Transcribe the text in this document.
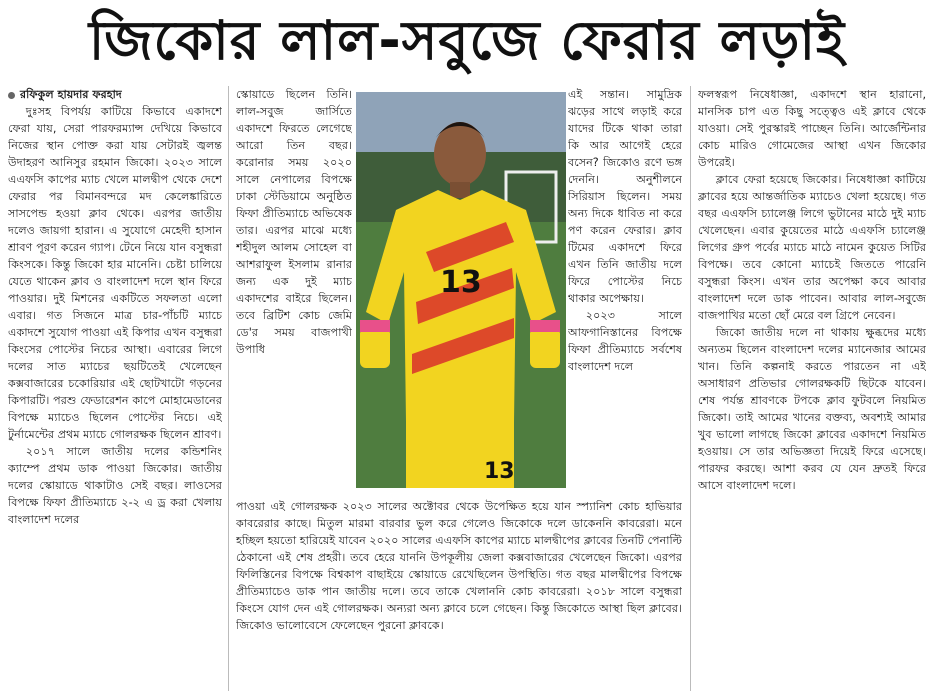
জিকোর লাল-সবুজে ফেরার লড়াই

রফিকুল হায়দার ফরহাদ

দুঃসহ বিপর্যয় কাটিয়ে কিভাবে একাদশে ফেরা যায়, সেরা পারফরম্যান্স দেখিয়ে কিভাবে নিজের স্থান পোক্ত করা যায় সেটারই জ্বলন্ত উদাহরণ আনিসুর রহমান জিকো। ২০২৩ সালে এএফসি কাপের ম্যাচ খেলে মালদ্বীপ থেকে দেশে ফেরার পর বিমানবন্দরে মদ কেলেঙ্কারিতে সাসপেন্ড হওয়া ক্লাব থেকে। এরপর জাতীয় দলেও জায়গা হারান। এ সুযোগে মেহেদী হাসান শ্রাবণ পূরণ করেন গ্যাপ। টেনে নিয়ে যান বসুন্ধরা কিংসকে। কিন্তু জিকো হার মানেনি। চেষ্টা চালিয়ে যেতে থাকেন ক্লাব ও বাংলাদেশ দলে স্থান ফিরে পাওয়ার। দুই মিশনের একটিতে সফলতা এলো এবার। গত সিজনে মাত্র চার-পাঁচটি ম্যাচে একাদশে সুযোগ পাওয়া এই কিপার এখন বসুন্ধরা কিংসের পোস্টের নিচের আস্থা। এবারের লিগে দলের সাত ম্যাচের ছয়টিতেই খেলেছেন কক্সবাজারের চকোরিয়ার এই ছোটখাটো গড়নের কিপারটি। পরশু ফেডারেশন কাপে মোহামেডানের বিপক্ষে ম্যাচেও ছিলেন পোস্টের নিচে। এই টুর্নামেন্টের প্রথম ম্যাচে গোলরক্ষক ছিলেন শ্রাবণ।

২০১৭ সালে জাতীয় দলের কন্ডিশনিং ক্যাম্পে প্রথম ডাক পাওয়া জিকোর। জাতীয় দলের স্কোয়াডে থাকাটাও সেই বছর। লাওসের বিপক্ষে ফিফা প্রীতিম্যাচে ২-২ এ ড্র করা খেলায় বাংলাদেশ দলের

স্কোয়াডে ছিলেন তিনি। লাল-সবুজ জার্সিতে একাদশে ফিরতে লেগেছে আরো তিন বছর। করোনার সময় ২০২০ সালে নেপালের বিপক্ষে ঢাকা স্টেডিয়ামে অনুষ্ঠিত ফিফা প্রীতিম্যাচে অভিষেক তার। এরপর মাঝে মধ্যে শহীদুল আলম সোহেল বা আশরাফুল ইসলাম রানার জন্য এক দুই ম্যাচ একাদশের বাইরে ছিলেন। তবে ব্রিটিশ কোচ জেমি ডে'র সময় বাজপাখী উপাধি

13
13

এই সন্তান। সামুদ্রিক ঝড়ের সাথে লড়াই করে যাদের টিকে থাকা তারা কি আর আগেই হেরে বসেন? জিকোও রণে ভঙ্গ দেননি। অনুশীলনে সিরিয়াস ছিলেন। সময় অন্য দিকে ধাবিত না করে পণ করেন ফেরার। ক্লাব টিমের একাদশে ফিরে এখন তিনি জাতীয় দলে ফিরে পোস্টের নিচে থাকার অপেক্ষায়।

২০২৩ সালে আফগানিস্তানের বিপক্ষে ফিফা প্রীতিম্যাচে সর্বশেষ বাংলাদেশ দলে

পাওয়া এই গোলরক্ষক ২০২৩ সালের অক্টোবর থেকে উপেক্ষিত হয়ে যান স্প্যানিশ কোচ হাভিয়ার কাবরেরার কাছে। মিতুল মারমা বারবার ভুল করে গেলেও জিকোকে দলে ডাকেননি কাবরেরা। মনে হচ্ছিল হয়তো হারিয়েই যাবেন ২০২০ সালের এএফসি কাপের ম্যাচে মালদ্বীপের ক্লাবের তিনটি পেনাল্টি ঠেকানো এই শেষ প্রহরী। তবে হেরে যাননি উপকূলীয় জেলা কক্সবাজারের খেলেছেন জিকো। এরপর ফিলিস্তিনের বিপক্ষে বিশ্বকাপ বাছাইয়ে স্কোয়াডে রেখেছিলেন উপস্থিতি। গত বছর মালদ্বীপের বিপক্ষে প্রীতিম্যাচেও ডাক পান জাতীয় দলে। তবে তাকে খেলাননি কোচ কাবরেরা। ২০১৮ সালে বসুন্ধরা কিংসে যোগ দেন এই গোলরক্ষক। অন্যরা অন্য ক্লাবে চলে গেছেন। কিন্তু জিকোতে আস্থা ছিল ক্লাবের। জিকোও ভালোবেসে ফেলেছেন পুরনো ক্লাবকে।

ফলস্বরূপ নিষেধাজ্ঞা, একাদশে স্থান হারানো, মানসিক চাপ এত কিছু সত্ত্বেও এই ক্লাবে থেকে যাওয়া। সেই পুরস্কারই পাচ্ছেন তিনি। আর্জেন্টিনার কোচ মারিও গোমেজের আস্থা এখন জিকোর উপরেই।

ক্লাবে ফেরা হয়েছে জিকোর। নিষেধাজ্ঞা কাটিয়ে ক্লাবের হয়ে আন্তর্জাতিক ম্যাচেও খেলা হয়েছে। গত বছর এএফসি চ্যালেঞ্জ লিগে ভুটানের মাঠে দুই ম্যাচ খেলেছেন। এবার কুয়েতের মাঠে এএফসি চ্যালেঞ্জ লিগের গ্রুপ পর্বের ম্যাচে মাঠে নামেন কুয়েত সিটির বিপক্ষে। তবে কোনো ম্যাচেই জিততে পারেনি বসুন্ধরা কিংস। এখন তার অপেক্ষা কবে আবার বাংলাদেশ দলে ডাক পাবেন। আবার লাল-সবুজে বাজপাখির মতো ছোঁ মেরে বল গ্রিপে নেবেন।

জিকো জাতীয় দলে না থাকায় ক্ষুব্ধদের মধ্যে অন্যতম ছিলেন বাংলাদেশ দলের ম্যানেজার আমের খান। তিনি কল্পনাই করতে পারতেন না এই অসাধারণ প্রতিভার গোলরক্ষকটি ছিটকে যাবেন। শেষ পর্যন্ত শ্রাবণকে টপকে ক্লাব ফুটবলে নিয়মিত জিকো। তাই আমের খানের বক্তব্য, অবশ্যই আমার খুব ভালো লাগছে জিকো ক্লাবের একাদশে নিয়মিত হওয়ায়। সে তার অভিজ্ঞতা দিয়েই ফিরে এসেছে। পারফর করছে। আশা করব যে যেন দ্রুতই ফিরে আসে বাংলাদেশ দলে।
